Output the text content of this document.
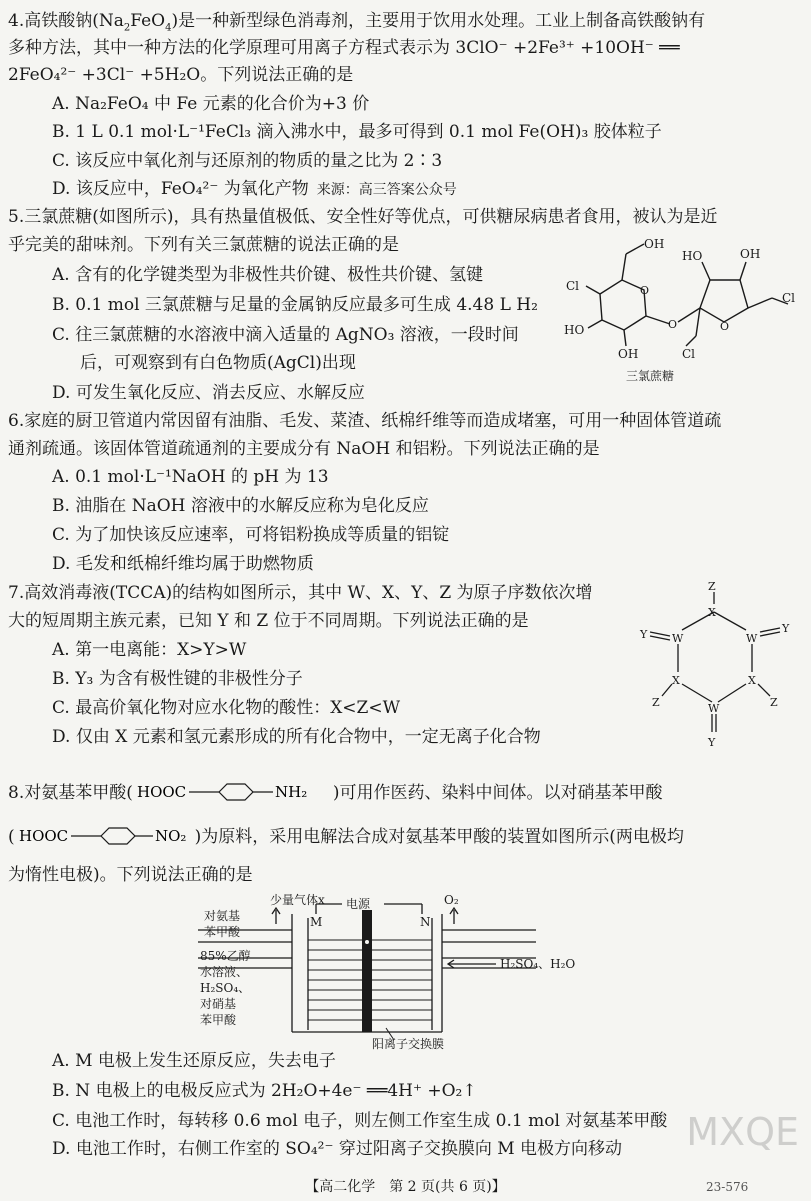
4.高铁酸钠$(Na_2FeO_4)$是一种新型绿色消毒剂，主要用于饮用水处理。工业上制备高铁酸钠有
多种方法，其中一种方法的化学原理可用离子方程式表示为 3ClO⁻ +2Fe³⁺ +10OH⁻ ══
2FeO₄²⁻ +3Cl⁻ +5H₂O。下列说法正确的是
A. Na₂FeO₄ 中 Fe 元素的化合价为+3 价
B. 1 L 0.1 mol·L⁻¹FeCl₃ 滴入沸水中，最多可得到 0.1 mol Fe(OH)₃ 胶体粒子
C. 该反应中氧化剂与还原剂的物质的量之比为 2∶3
D. 该反应中，FeO₄²⁻ 为氧化产物 来源：高三答案公众号
5.三氯蔗糖(如图所示)，具有热量值极低、安全性好等优点，可供糖尿病患者食用，被认为是近
乎完美的甜味剂。下列有关三氯蔗糖的说法正确的是
A. 含有的化学键类型为非极性共价键、极性共价键、氢键
B. 0.1 mol 三氯蔗糖与足量的金属钠反应最多可生成 4.48 L H₂
C. 往三氯蔗糖的水溶液中滴入适量的 AgNO₃ 溶液，一段时间
后，可观察到有白色物质(AgCl)出现
D. 可发生氧化反应、消去反应、水解反应
OH
Cl
HO
OH
O
O
HO	OH
O
Cl
Cl
三氯蔗糖
6.家庭的厨卫管道内常因留有油脂、毛发、菜渣、纸棉纤维等而造成堵塞，可用一种固体管道疏
通剂疏通。该固体管道疏通剂的主要成分有 NaOH 和铝粉。下列说法正确的是
A. 0.1 mol·L⁻¹NaOH 的 pH 为 13
B. 油脂在 NaOH 溶液中的水解反应称为皂化反应
C. 为了加快该反应速率，可将铝粉换成等质量的铝锭
D. 毛发和纸棉纤维均属于助燃物质
7.高效消毒液(TCCA)的结构如图所示，其中 W、X、Y、Z 为原子序数依次增
大的短周期主族元素，已知 Y 和 Z 位于不同周期。下列说法正确的是
A. 第一电离能：X>Y>W
B. Y₃ 为含有极性键的非极性分子
C. 最高价氧化物对应水化物的酸性：X<Z<W
D. 仅由 X 元素和氢元素形成的所有化合物中，一定无离子化合物
Z
X
Y W	W
Y
X	X
Z	Z
W
Y
8.对氨基苯甲酸( HOOC	NH₂ )可用作医药、染料中间体。以对硝基苯甲酸
( HOOC	NO₂ )为原料，采用电解法合成对氨基苯甲酸的装置如图所示(两电极均
为惰性电极)。下列说法正确的是
少量气体x 电源	O₂
M	N
对氨基
苯甲酸
85%乙醇
水溶液、
H₂SO₄、
对硝基
苯甲酸
H₂SO₄、H₂O
阳离子交换膜
A. M 电极上发生还原反应，失去电子
B. N 电极上的电极反应式为 2H₂O+4e⁻ ══4H⁺ +O₂↑
C. 电池工作时，每转移 0.6 mol 电子，则左侧工作室生成 0.1 mol 对氨基苯甲酸
D. 电池工作时，右侧工作室的 SO₄²⁻ 穿过阳离子交换膜向 M 电极方向移动
【高二化学　第 2 页(共 6 页)】	23-576
MXQE
